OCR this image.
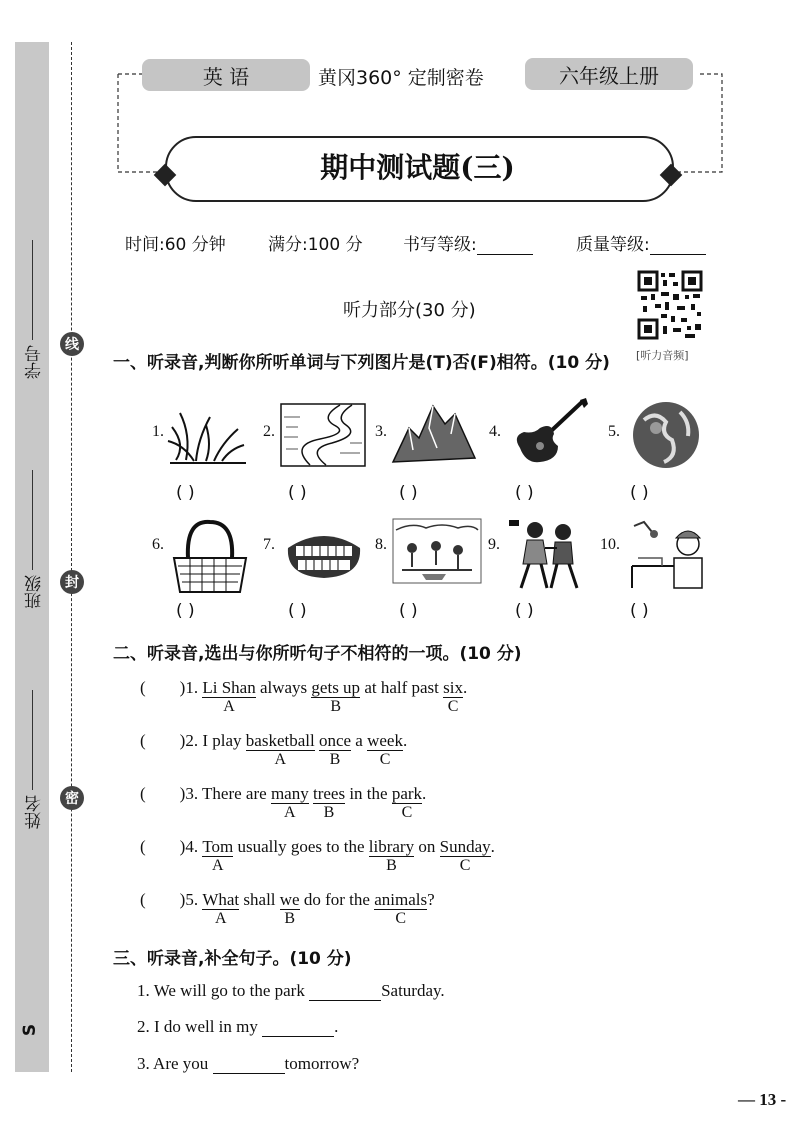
学号
班级
姓名
S
线
封
密
英 语	黄冈360° 定制密卷	六年级上册
期中测试题(三)
时间:60 分钟 满分:100 分 书写等级:	质量等级:
[听力音频]
听力部分(30 分)
一、听录音,判断你所听单词与下列图片是(T)否(F)相符。(10 分)
1.	2.	3.	4.	5.
( )	( )	( )	( )	( )
6.	7.	8.	9.	10.
( )	( )	( )	( )	( )
二、听录音,选出与你所听句子不相符的一项。(10 分)
( )1. Li Shan
A
always gets up
B
at half past six
C
.
( )2. I play basketball
A
once
B
a week
C
.
( )3. There are many
A
trees
B
in the park
C
.
( )4. Tom
A
usually goes to the library
B
on Sunday
C
.
( )5. What
A
shall $\frac{we}{B}$ do for the animals
C
?
三、听录音,补全句子。(10 分)
1. We will go to the park	Saturday.
2. I do well in my	.
3. Are you	tomorrow?
— 13 -
